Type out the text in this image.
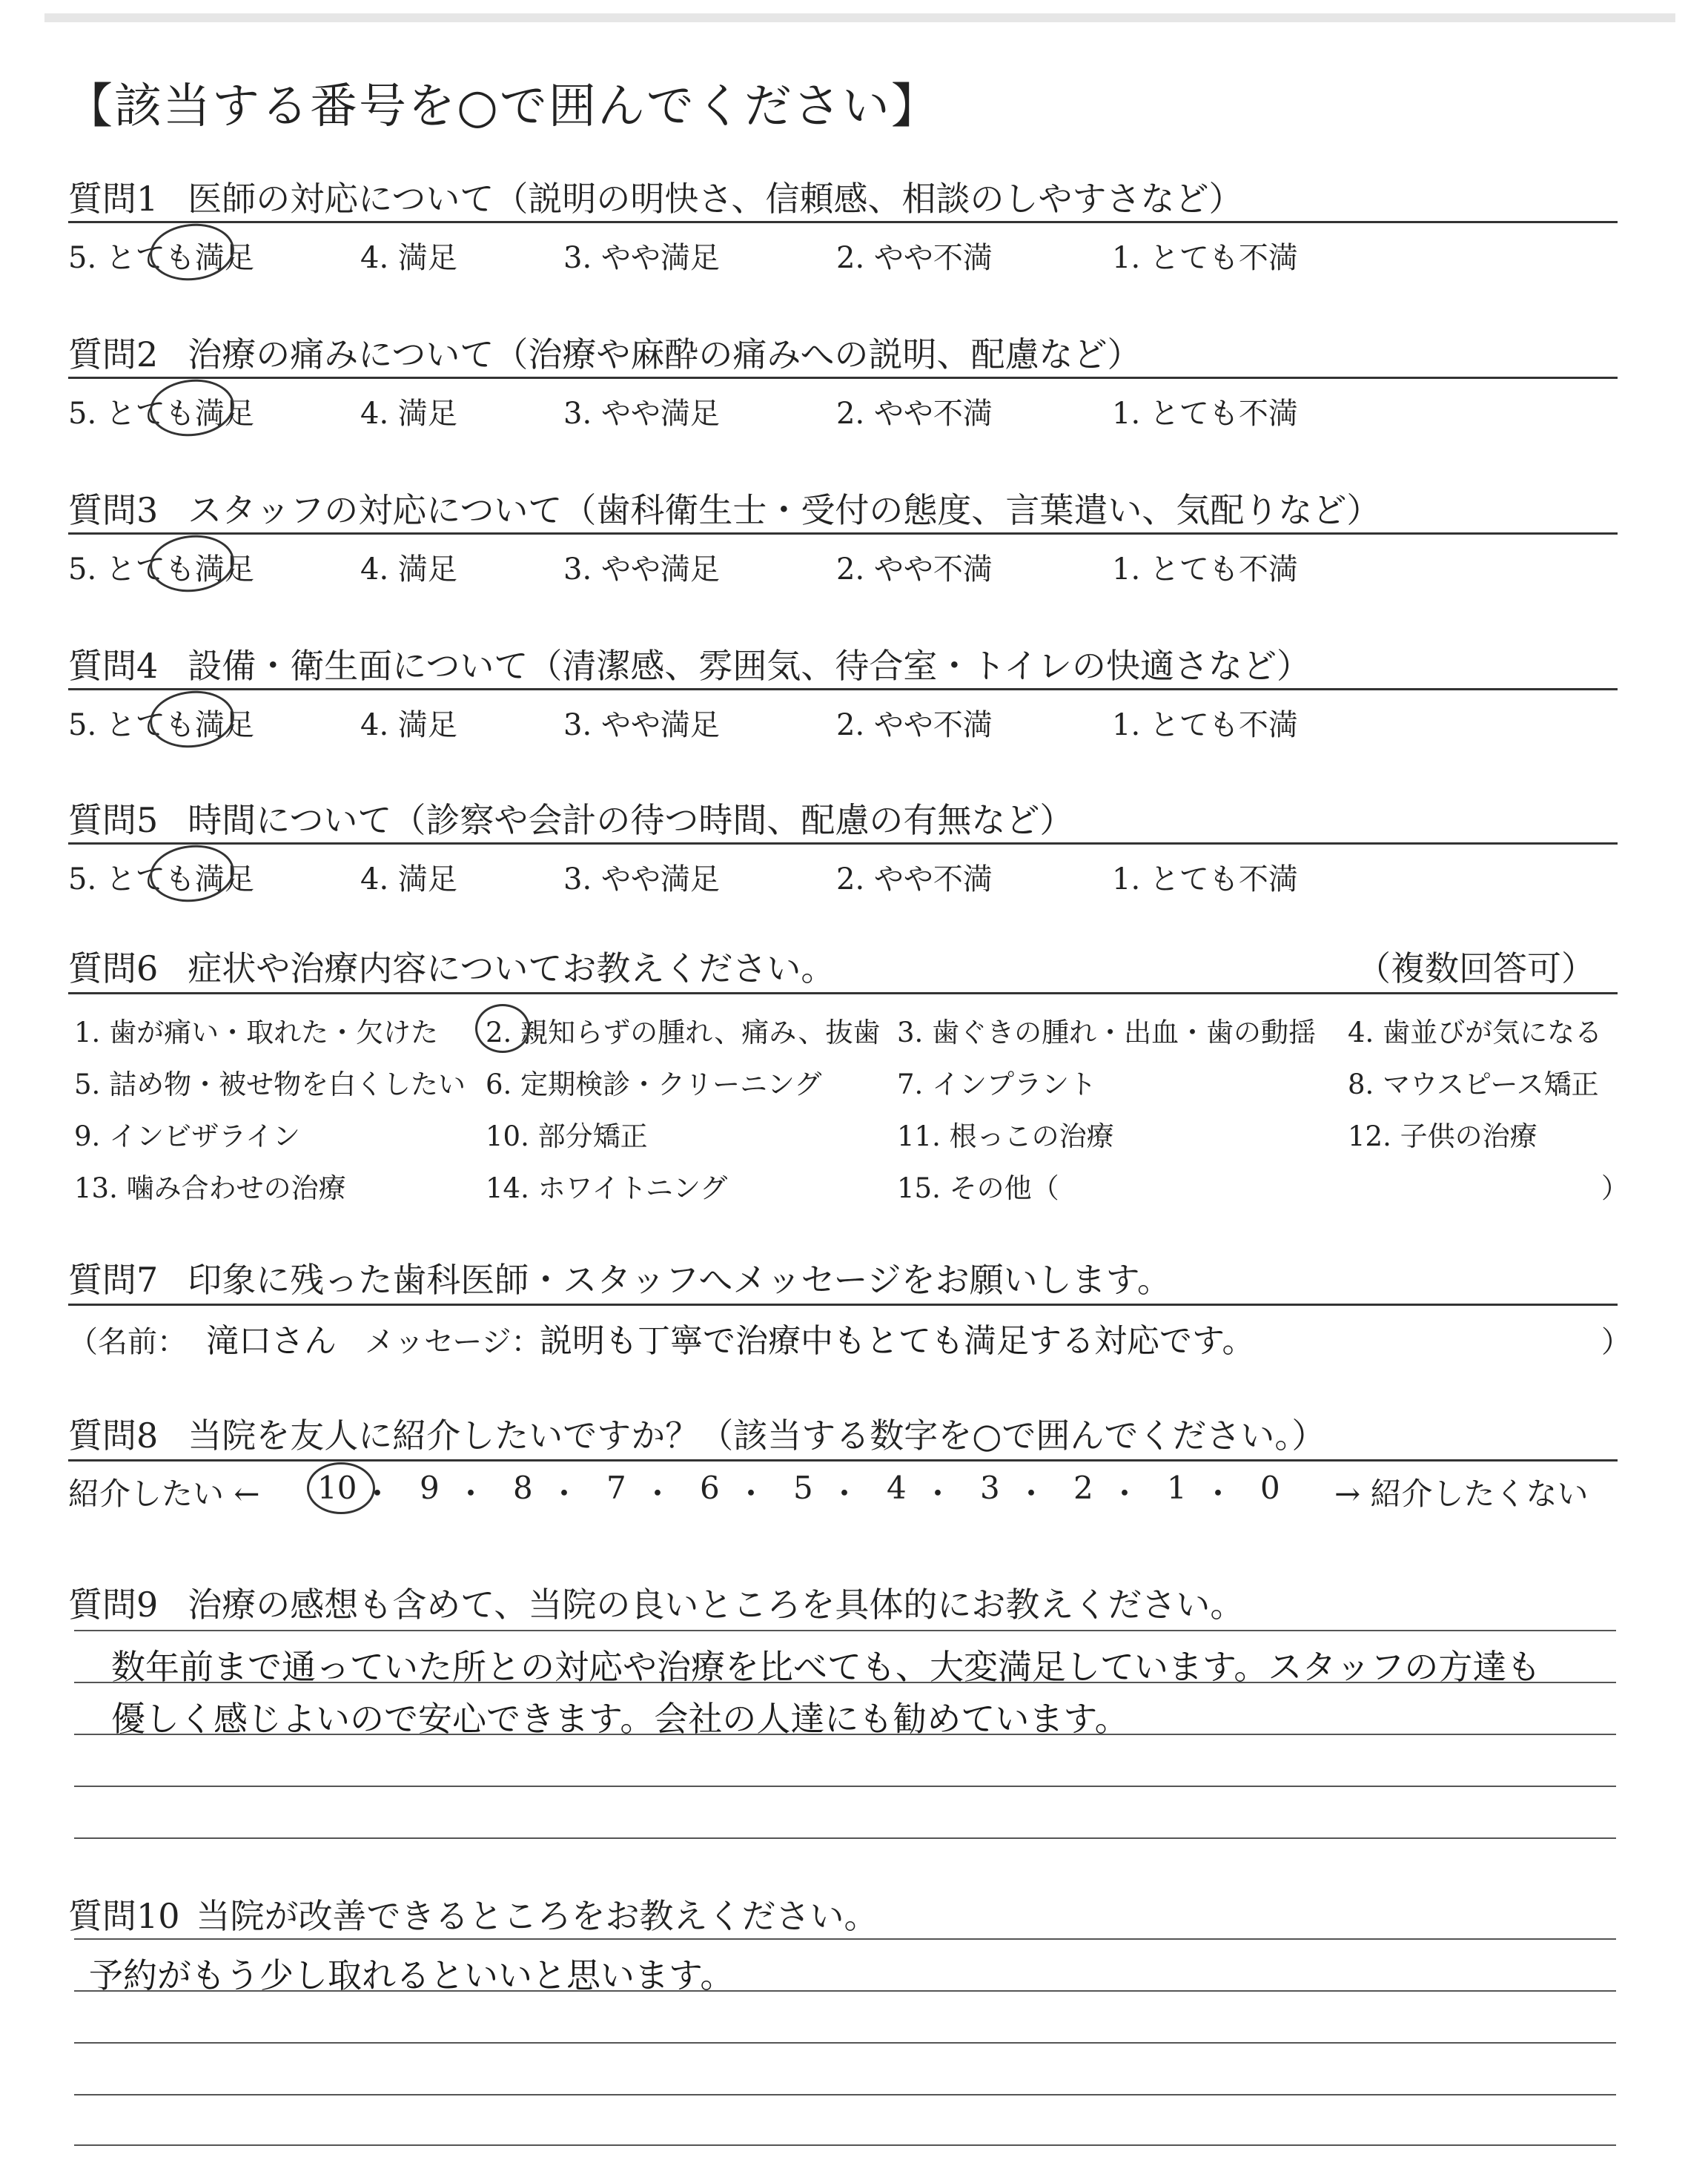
【該当する番号を○で囲んでください】
質問1 医師の対応について（説明の明快さ、信頼感、相談のしやすさなど）
5. とても満足	4. 満足	3. やや満足	2. やや不満	1. とても不満
質問2 治療の痛みについて（治療や麻酔の痛みへの説明、配慮など）
5. とても満足	4. 満足	3. やや満足	2. やや不満	1. とても不満
質問3 スタッフの対応について（歯科衛生士・受付の態度、言葉遣い、気配りなど）
5. とても満足	4. 満足	3. やや満足	2. やや不満	1. とても不満
質問4 設備・衛生面について（清潔感、雰囲気、待合室・トイレの快適さなど）
5. とても満足	4. 満足	3. やや満足	2. やや不満	1. とても不満
質問5 時間について（診察や会計の待つ時間、配慮の有無など）
5. とても満足	4. 満足	3. やや満足	2. やや不満	1. とても不満
質問6 症状や治療内容についてお教えください。	（複数回答可）
1. 歯が痛い・取れた・欠けた 2. 親知らずの腫れ、痛み、抜歯 3. 歯ぐきの腫れ・出血・歯の動揺 4. 歯並びが気になる
5. 詰め物・被せ物を白くしたい 6. 定期検診・クリーニング	7. インプラント	8. マウスピース矯正
9. インビザライン	10. 部分矯正	11. 根っこの治療	12. 子供の治療
13. 噛み合わせの治療	14. ホワイトニング	15. その他（	）
質問7 印象に残った歯科医師・スタッフへメッセージをお願いします。
（名前： 滝口さん メッセージ：
説明も丁寧で治療中もとても満足する対応です。	）
質問8 当院を友人に紹介したいですか？（該当する数字を○で囲んでください。）
紹介したい ←	→ 紹介したくない
10 ・ 9 ・ 8 ・ 7 ・ 6 ・ 5 ・ 4 ・ 3 ・ 2 ・ 1 ・ 0
質問9 治療の感想も含めて、当院の良いところを具体的にお教えください。
数年前まで通っていた所との対応や治療を比べても、大変満足しています。スタッフの方達も
優しく感じよいので安心できます。会社の人達にも勧めています。
質問10 当院が改善できるところをお教えください。
予約がもう少し取れるといいと思います。
